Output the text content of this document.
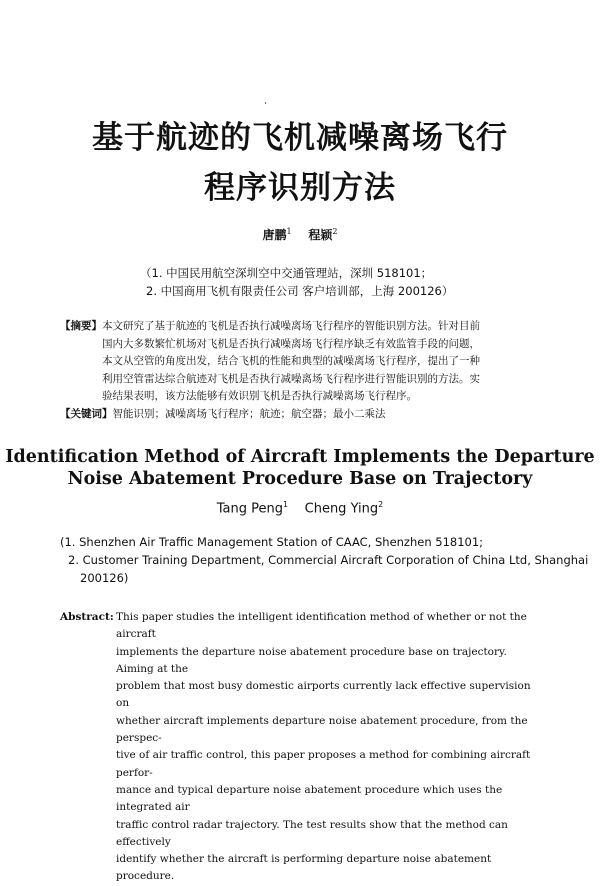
基于航迹的飞机减噪离场飞行
程序识别方法
唐鹏$^1$ 程颖$^2$
（1. 中国民用航空深圳空中交通管理站，深圳 518101；
2. 中国商用飞机有限责任公司 客户培训部，上海 200126）
【摘要】本文研究了基于航迹的飞机是否执行减噪离场飞行程序的智能识别方法。针对目前
国内大多数繁忙机场对飞机是否执行减噪离场飞行程序缺乏有效监管手段的问题，
本文从空管的角度出发，结合飞机的性能和典型的减噪离场飞行程序，提出了一种
利用空管雷达综合航迹对飞机是否执行减噪离场飞行程序进行智能识别的方法。实
验结果表明，该方法能够有效识别飞机是否执行减噪离场飞行程序。
【关键词】智能识别；减噪离场飞行程序；航迹；航空器；最小二乘法
Identification Method of Aircraft Implements the Departure
Noise Abatement Procedure Base on Trajectory
Tang Peng$^1$ Cheng Ying$^2$
(1. Shenzhen Air Traffic Management Station of CAAC, Shenzhen 518101;
2. Customer Training Department, Commercial Aircraft Corporation of China Ltd, Shanghai
200126)
Abstract: This paper studies the intelligent identification method of whether or not the aircraft
implements the departure noise abatement procedure base on trajectory. Aiming at the
problem that most busy domestic airports currently lack effective supervision on
whether aircraft implements departure noise abatement procedure, from the perspec-
tive of air traffic control, this paper proposes a method for combining aircraft perfor-
mance and typical departure noise abatement procedure which uses the integrated air
traffic control radar trajectory. The test results show that the method can effectively
identify whether the aircraft is performing departure noise abatement procedure.
